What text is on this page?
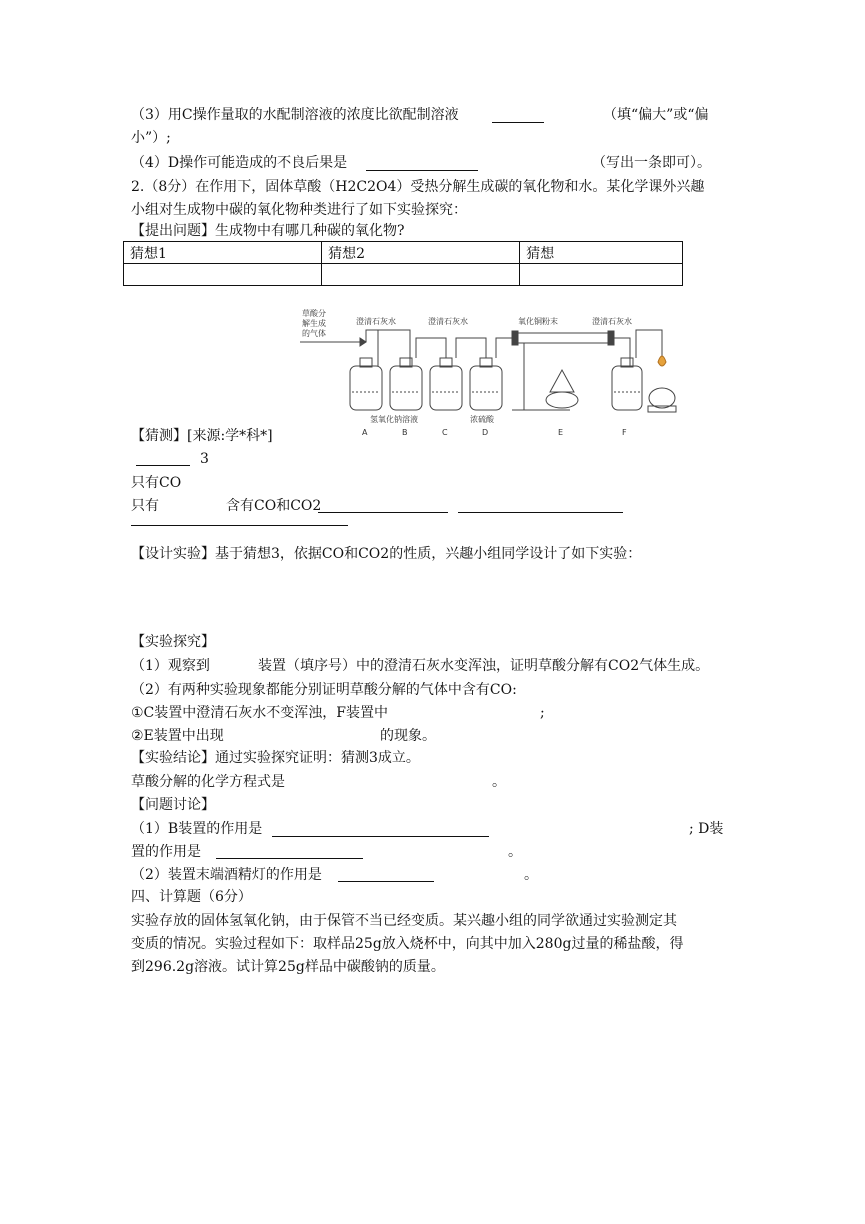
（3）用C操作量取的水配制溶液的浓度比欲配制溶液	（填“偏大”或“偏
小”）;
（4）D操作可能造成的不良后果是	（写出一条即可）。
2.（8分）在作用下，固体草酸（H2C2O4）受热分解生成碳的氧化物和水。某化学课外兴趣
小组对生成物中碳的氧化物种类进行了如下实验探究：
【提出问题】生成物中有哪几种碳的氧化物?
猜想1	猜想2	猜想

草酸分
解生成
的气体
澄清石灰水	澄清石灰水	氧化铜粉末	澄清石灰水
氢氧化钠溶液	浓硫酸
A	B	C	D	E	F
【猜测】[来源:学*科*]
3
只有CO
只有	含有CO和CO2
【设计实验】基于猜想3，依据CO和CO2的性质，兴趣小组同学设计了如下实验：
【实验探究】
（1）观察到	装置（填序号）中的澄清石灰水变浑浊，证明草酸分解有CO2气体生成。
（2）有两种实验现象都能分别证明草酸分解的气体中含有CO:
①C装置中澄清石灰水不变浑浊，F装置中	;
②E装置中出现	的现象。
【实验结论】通过实验探究证明：猜测3成立。
草酸分解的化学方程式是	。
【问题讨论】
（1）B装置的作用是	; D装
置的作用是	。
（2）装置末端酒精灯的作用是	。
四、计算题（6分）
实验存放的固体氢氧化钠，由于保管不当已经变质。某兴趣小组的同学欲通过实验测定其
变质的情况。实验过程如下：取样品25g放入烧杯中，向其中加入280g过量的稀盐酸，得
到296.2g溶液。试计算25g样品中碳酸钠的质量。
